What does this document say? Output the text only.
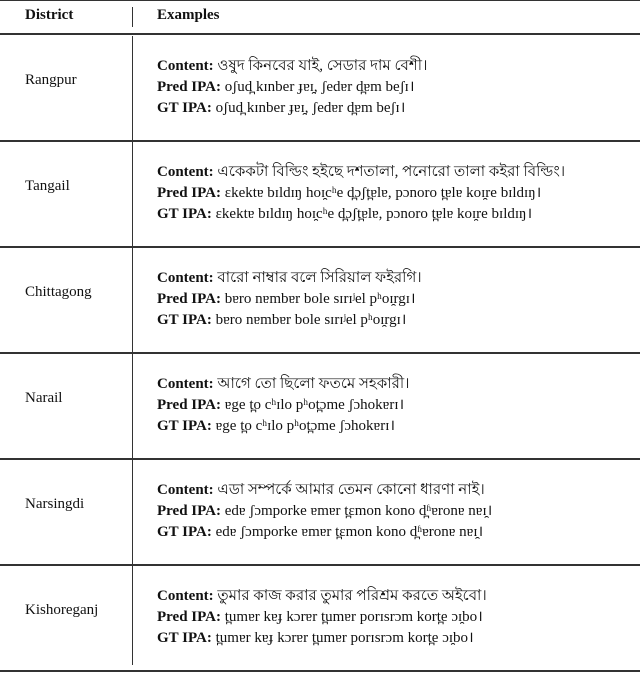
District	Examples
Rangpur
Content: ওষুদ কিনবের যাই, সেডার দাম বেশী।
Pred IPA: oʃud̪ kɪnber ɟɐɪ̯, ʃedɐr d̪ɐm beʃɪ।
GT IPA: oʃud̪ kɪnber ɟɐɪ̯, ʃedɐr d̪ɐm beʃɪ।
Tangail
Content: একেকটা বিল্ডিং হইছে দশতালা, পনোরো তালা কইরা বিল্ডিং।
Pred IPA: ɛkektɐ bɪldɪŋ hoɪ̯cʰe d̪ɔʃt̪ɐlɐ, pɔnoro t̪ɐlɐ koɪ̯re bɪldɪŋ।
GT IPA: ɛkektɐ bɪldɪŋ hoɪ̯cʰe d̪ɔʃt̪ɐlɐ, pɔnoro t̪ɐlɐ koɪ̯re bɪldɪŋ।
Chittagong
Content: বারো নাম্বার বলে সিরিয়াল ফইরগি।
Pred IPA: bɐro nɐmbɐr bole sɪrɪʲel pʰoɪ̯rgɪ।
GT IPA: bɐro nɐmbɐr bole sɪrɪʲel pʰoɪ̯rgɪ।
Narail
Content: আগে তো ছিলো ফতমে সহকারী।
Pred IPA: ɐge t̪o cʰɪlo pʰot̪ɔme ʃɔhokɐrɪ।
GT IPA: ɐge t̪o cʰɪlo pʰot̪ɔme ʃɔhokɐrɪ।
Narsingdi
Content: এডা সম্পর্কে আমার তেমন কোনো ধারণা নাই।
Pred IPA: edɐ ʃɔmporke ɐmɐr t̪ɛmon kono d̪ʱɐronɐ nɐɪ̯।
GT IPA: edɐ ʃɔmporke ɐmɐr t̪ɛmon kono d̪ʱɐronɐ nɐɪ̯।
Kishoreganj
Content: তুমার কাজ করার তুমার পরিশ্রম করতে অইবো।
Pred IPA: t̪umɐr kɐɟ kɔrɐr t̪umɐr porɪsrɔm kort̪e ɔɪ̯bo।
GT IPA: t̪umɐr kɐɟ kɔrɐr t̪umɐr porɪsrɔm kort̪e ɔɪ̯bo।
